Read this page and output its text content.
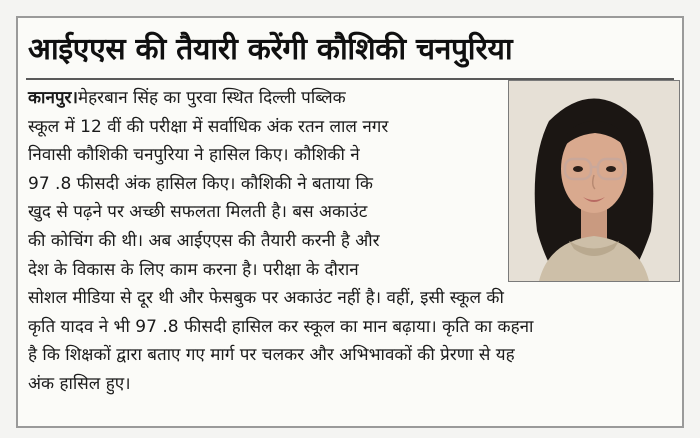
आईएएस की तैयारी करेंगी कौशिकी चनपुरिया

कानपुर।मेहरबान सिंह का पुरवा स्थित दिल्ली पब्लिक
स्कूल में 12 वीं की परीक्षा में सर्वाधिक अंक रतन लाल नगर
निवासी कौशिकी चनपुरिया ने हासिल किए। कौशिकी ने
97 .8 फीसदी अंक हासिल किए। कौशिकी ने बताया कि
खुद से पढ़ने पर अच्छी सफलता मिलती है। बस अकाउंट
की कोचिंग की थी। अब आईएएस की तैयारी करनी है और
देश के विकास के लिए काम करना है। परीक्षा के दौरान

सोशल मीडिया से दूर थी और फेसबुक पर अकाउंट नहीं है। वहीं, इसी स्कूल की
कृति यादव ने भी 97 .8 फीसदी हासिल कर स्कूल का मान बढ़ाया। कृति का कहना
है कि शिक्षकों द्वारा बताए गए मार्ग पर चलकर और अभिभावकों की प्रेरणा से यह
अंक हासिल हुए।
